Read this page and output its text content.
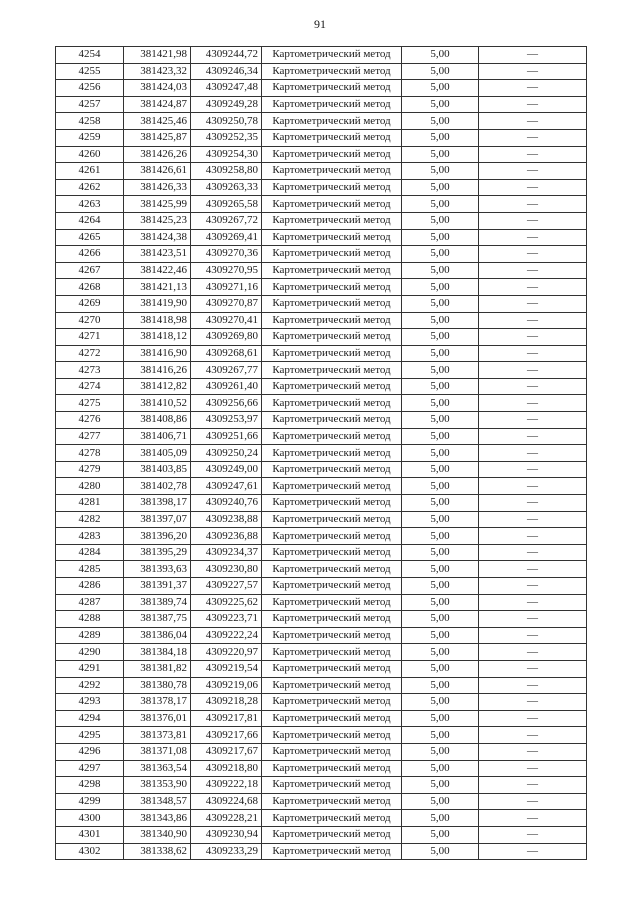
91
4254	381421,98	4309244,72	Картометрический метод	5,00	—
4255	381423,32	4309246,34	Картометрический метод	5,00	—
4256	381424,03	4309247,48	Картометрический метод	5,00	—
4257	381424,87	4309249,28	Картометрический метод	5,00	—
4258	381425,46	4309250,78	Картометрический метод	5,00	—
4259	381425,87	4309252,35	Картометрический метод	5,00	—
4260	381426,26	4309254,30	Картометрический метод	5,00	—
4261	381426,61	4309258,80	Картометрический метод	5,00	—
4262	381426,33	4309263,33	Картометрический метод	5,00	—
4263	381425,99	4309265,58	Картометрический метод	5,00	—
4264	381425,23	4309267,72	Картометрический метод	5,00	—
4265	381424,38	4309269,41	Картометрический метод	5,00	—
4266	381423,51	4309270,36	Картометрический метод	5,00	—
4267	381422,46	4309270,95	Картометрический метод	5,00	—
4268	381421,13	4309271,16	Картометрический метод	5,00	—
4269	381419,90	4309270,87	Картометрический метод	5,00	—
4270	381418,98	4309270,41	Картометрический метод	5,00	—
4271	381418,12	4309269,80	Картометрический метод	5,00	—
4272	381416,90	4309268,61	Картометрический метод	5,00	—
4273	381416,26	4309267,77	Картометрический метод	5,00	—
4274	381412,82	4309261,40	Картометрический метод	5,00	—
4275	381410,52	4309256,66	Картометрический метод	5,00	—
4276	381408,86	4309253,97	Картометрический метод	5,00	—
4277	381406,71	4309251,66	Картометрический метод	5,00	—
4278	381405,09	4309250,24	Картометрический метод	5,00	—
4279	381403,85	4309249,00	Картометрический метод	5,00	—
4280	381402,78	4309247,61	Картометрический метод	5,00	—
4281	381398,17	4309240,76	Картометрический метод	5,00	—
4282	381397,07	4309238,88	Картометрический метод	5,00	—
4283	381396,20	4309236,88	Картометрический метод	5,00	—
4284	381395,29	4309234,37	Картометрический метод	5,00	—
4285	381393,63	4309230,80	Картометрический метод	5,00	—
4286	381391,37	4309227,57	Картометрический метод	5,00	—
4287	381389,74	4309225,62	Картометрический метод	5,00	—
4288	381387,75	4309223,71	Картометрический метод	5,00	—
4289	381386,04	4309222,24	Картометрический метод	5,00	—
4290	381384,18	4309220,97	Картометрический метод	5,00	—
4291	381381,82	4309219,54	Картометрический метод	5,00	—
4292	381380,78	4309219,06	Картометрический метод	5,00	—
4293	381378,17	4309218,28	Картометрический метод	5,00	—
4294	381376,01	4309217,81	Картометрический метод	5,00	—
4295	381373,81	4309217,66	Картометрический метод	5,00	—
4296	381371,08	4309217,67	Картометрический метод	5,00	—
4297	381363,54	4309218,80	Картометрический метод	5,00	—
4298	381353,90	4309222,18	Картометрический метод	5,00	—
4299	381348,57	4309224,68	Картометрический метод	5,00	—
4300	381343,86	4309228,21	Картометрический метод	5,00	—
4301	381340,90	4309230,94	Картометрический метод	5,00	—
4302	381338,62	4309233,29	Картометрический метод	5,00	—
